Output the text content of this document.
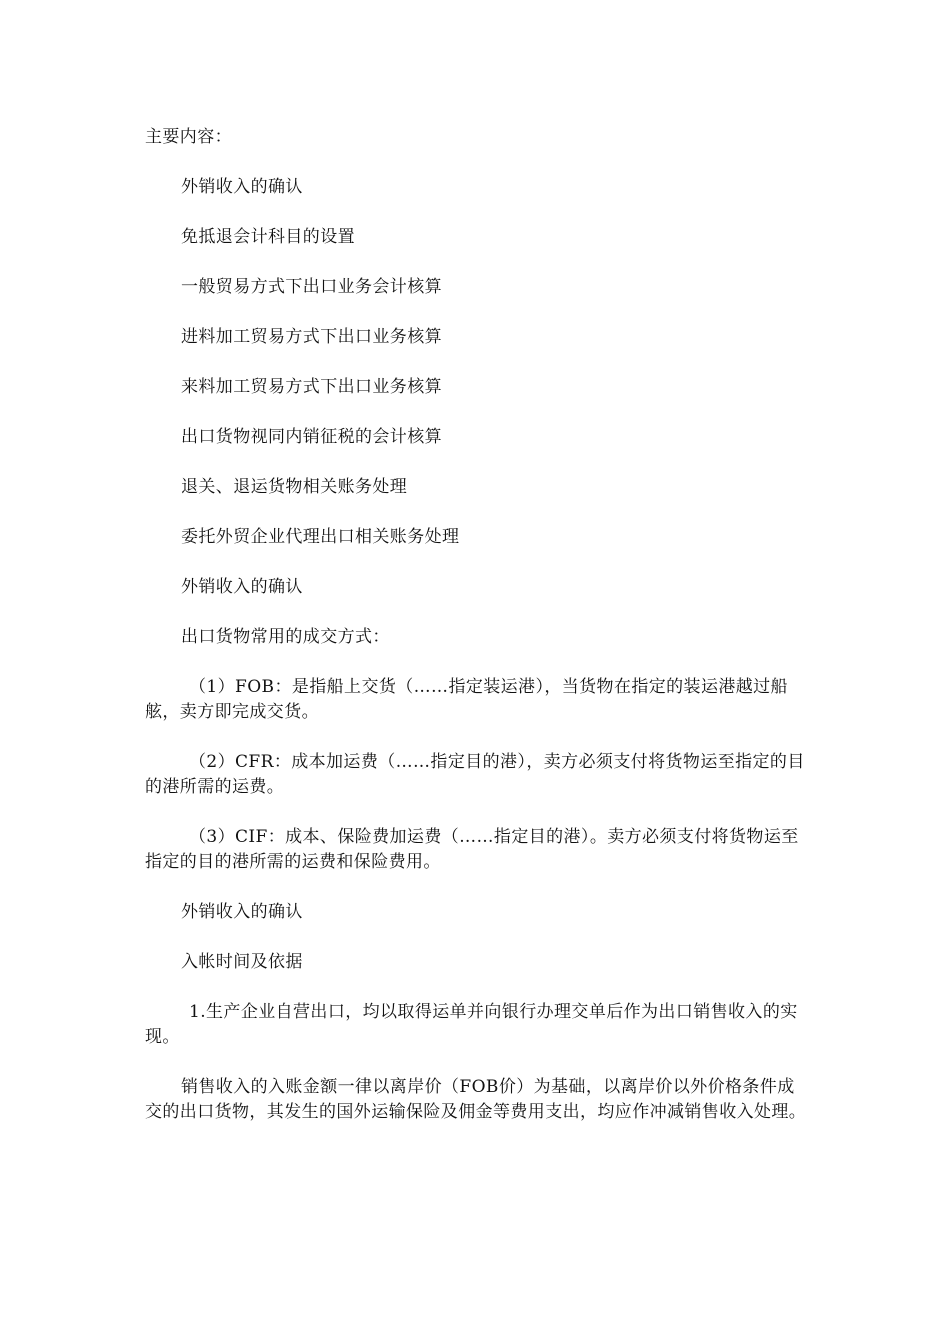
主要内容：

外销收入的确认

免抵退会计科目的设置

一般贸易方式下出口业务会计核算

进料加工贸易方式下出口业务核算

来料加工贸易方式下出口业务核算

出口货物视同内销征税的会计核算

退关、退运货物相关账务处理

委托外贸企业代理出口相关账务处理

外销收入的确认

出口货物常用的成交方式：

（1）FOB：是指船上交货（……指定装运港），当货物在指定的装运港越过船舷，卖方即完成交货。

（2）CFR：成本加运费（……指定目的港），卖方必须支付将货物运至指定的目的港所需的运费。

（3）CIF：成本、保险费加运费（……指定目的港）。卖方必须支付将货物运至指定的目的港所需的运费和保险费用。

外销收入的确认

入帐时间及依据

1.生产企业自营出口，均以取得运单并向银行办理交单后作为出口销售收入的实现。

销售收入的入账金额一律以离岸价（FOB价）为基础，以离岸价以外价格条件成交的出口货物，其发生的国外运输保险及佣金等费用支出，均应作冲减销售收入处理。
